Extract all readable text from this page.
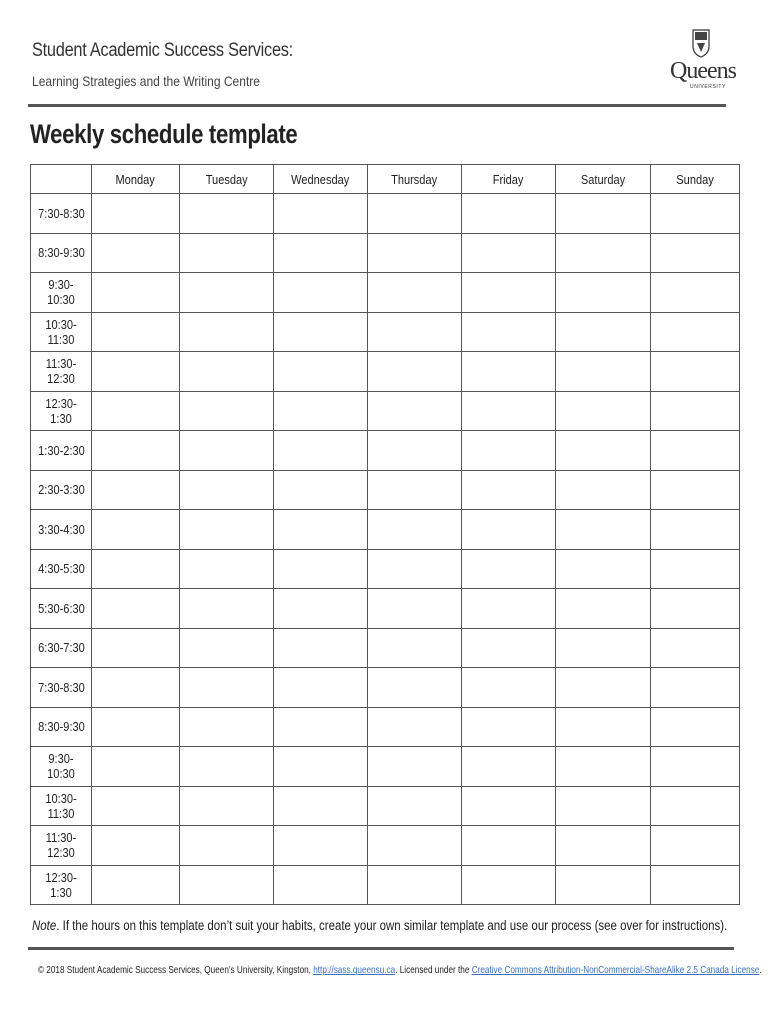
Student Academic Success Services:
Learning Strategies and the Writing Centre	Queens
UNIVERSITY
Weekly schedule template
	Monday	Tuesday	Wednesday	Thursday	Friday	Saturday	Sunday
7:30-8:30							
8:30-9:30							
9:30-10:30							
10:30-11:30							
11:30-12:30							
12:30-1:30							
1:30-2:30							
2:30-3:30							
3:30-4:30							
4:30-5:30							
5:30-6:30							
6:30-7:30							
7:30-8:30							
8:30-9:30							
9:30-10:30							
10:30-11:30							
11:30-12:30							
12:30-1:30							
Note. If the hours on this template don’t suit your habits, create your own similar template and use our process (see over for instructions).
© 2018 Student Academic Success Services, Queen’s University, Kingston, http://sass.queensu.ca. Licensed under the Creative Commons Attribution-NonCommercial-ShareAlike 2.5 Canada License.
